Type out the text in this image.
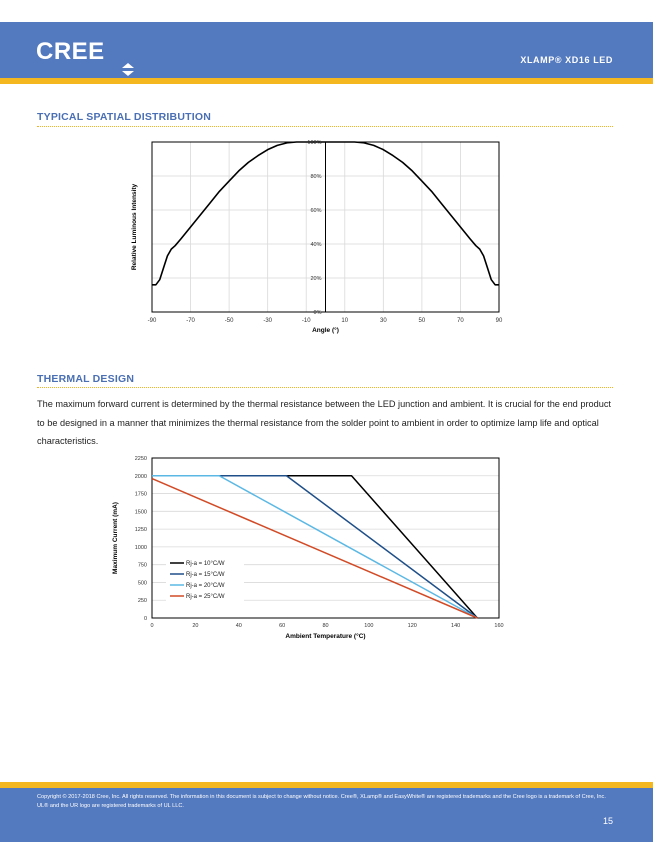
CREE	XLAMP® XD16 LED
TYPICAL SPATIAL DISTRIBUTION
0%
20%
40%
60%
80%
100%
-90	-70	-50	-30	-10	10	30	50	70	90
Angle (°)
Relative Luminous Intensity
THERMAL DESIGN
The maximum forward current is determined by the thermal resistance between the LED junction and ambient. It is crucial for the end product to be designed in a manner that minimizes the thermal resistance from the solder point to ambient in order to optimize lamp life and optical characteristics.
0
250
500
750
1000
1250
1500
1750
2000
2250
0	20	40	60	80	100	120	140	160
Ambient Temperature (°C)
Maximum Current (mA)	Rj-a = 10°C/W
Rj-a = 15°C/W
Rj-a = 20°C/W
Rj-a = 25°C/W
Copyright © 2017-2018 Cree, Inc. All rights reserved. The information in this document is subject to change without notice. Cree®, XLamp® and EasyWhite® are registered trademarks and the Cree logo is a trademark of Cree, Inc. UL® and the UR logo are registered trademarks of UL LLC.
15
